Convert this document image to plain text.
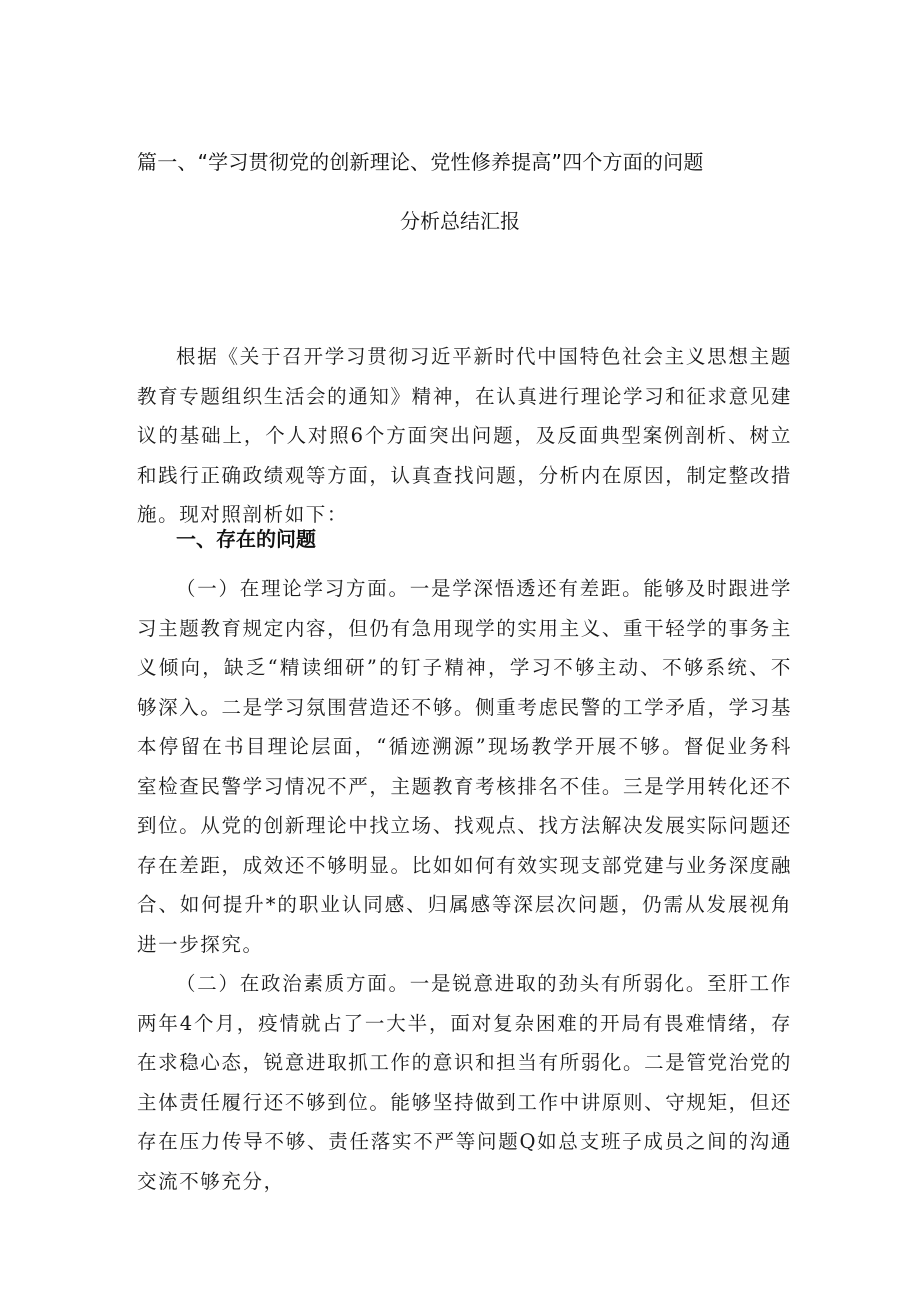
篇一、“学习贯彻党的创新理论、党性修养提高”四个方面的问题
分析总结汇报

根据《关于召开学习贯彻习近平新时代中国特色社会主义思想主题教育专题组织生活会的通知》精神，在认真进行理论学习和征求意见建议的基础上，个人对照6个方面突出问题，及反面典型案例剖析、树立和践行正确政绩观等方面，认真查找问题，分析内在原因，制定整改措施。现对照剖析如下：

一、存在的问题

（一）在理论学习方面。一是学深悟透还有差距。能够及时跟进学习主题教育规定内容，但仍有急用现学的实用主义、重干轻学的事务主义倾向，缺乏“精读细研”的钉子精神，学习不够主动、不够系统、不够深入。二是学习氛围营造还不够。侧重考虑民警的工学矛盾，学习基本停留在书目理论层面，“循迹溯源”现场教学开展不够。督促业务科室检查民警学习情况不严，主题教育考核排名不佳。三是学用转化还不到位。从党的创新理论中找立场、找观点、找方法解决发展实际问题还存在差距，成效还不够明显。比如如何有效实现支部党建与业务深度融合、如何提升*的职业认同感、归属感等深层次问题，仍需从发展视角进一步探究。

（二）在政治素质方面。一是锐意进取的劲头有所弱化。至肝工作两年4个月，疫情就占了一大半，面对复杂困难的开局有畏难情绪，存在求稳心态，锐意进取抓工作的意识和担当有所弱化。二是管党治党的主体责任履行还不够到位。能够坚持做到工作中讲原则、守规矩，但还存在压力传导不够、责任落实不严等问题Q如总支班子成员之间的沟通交流不够充分，
